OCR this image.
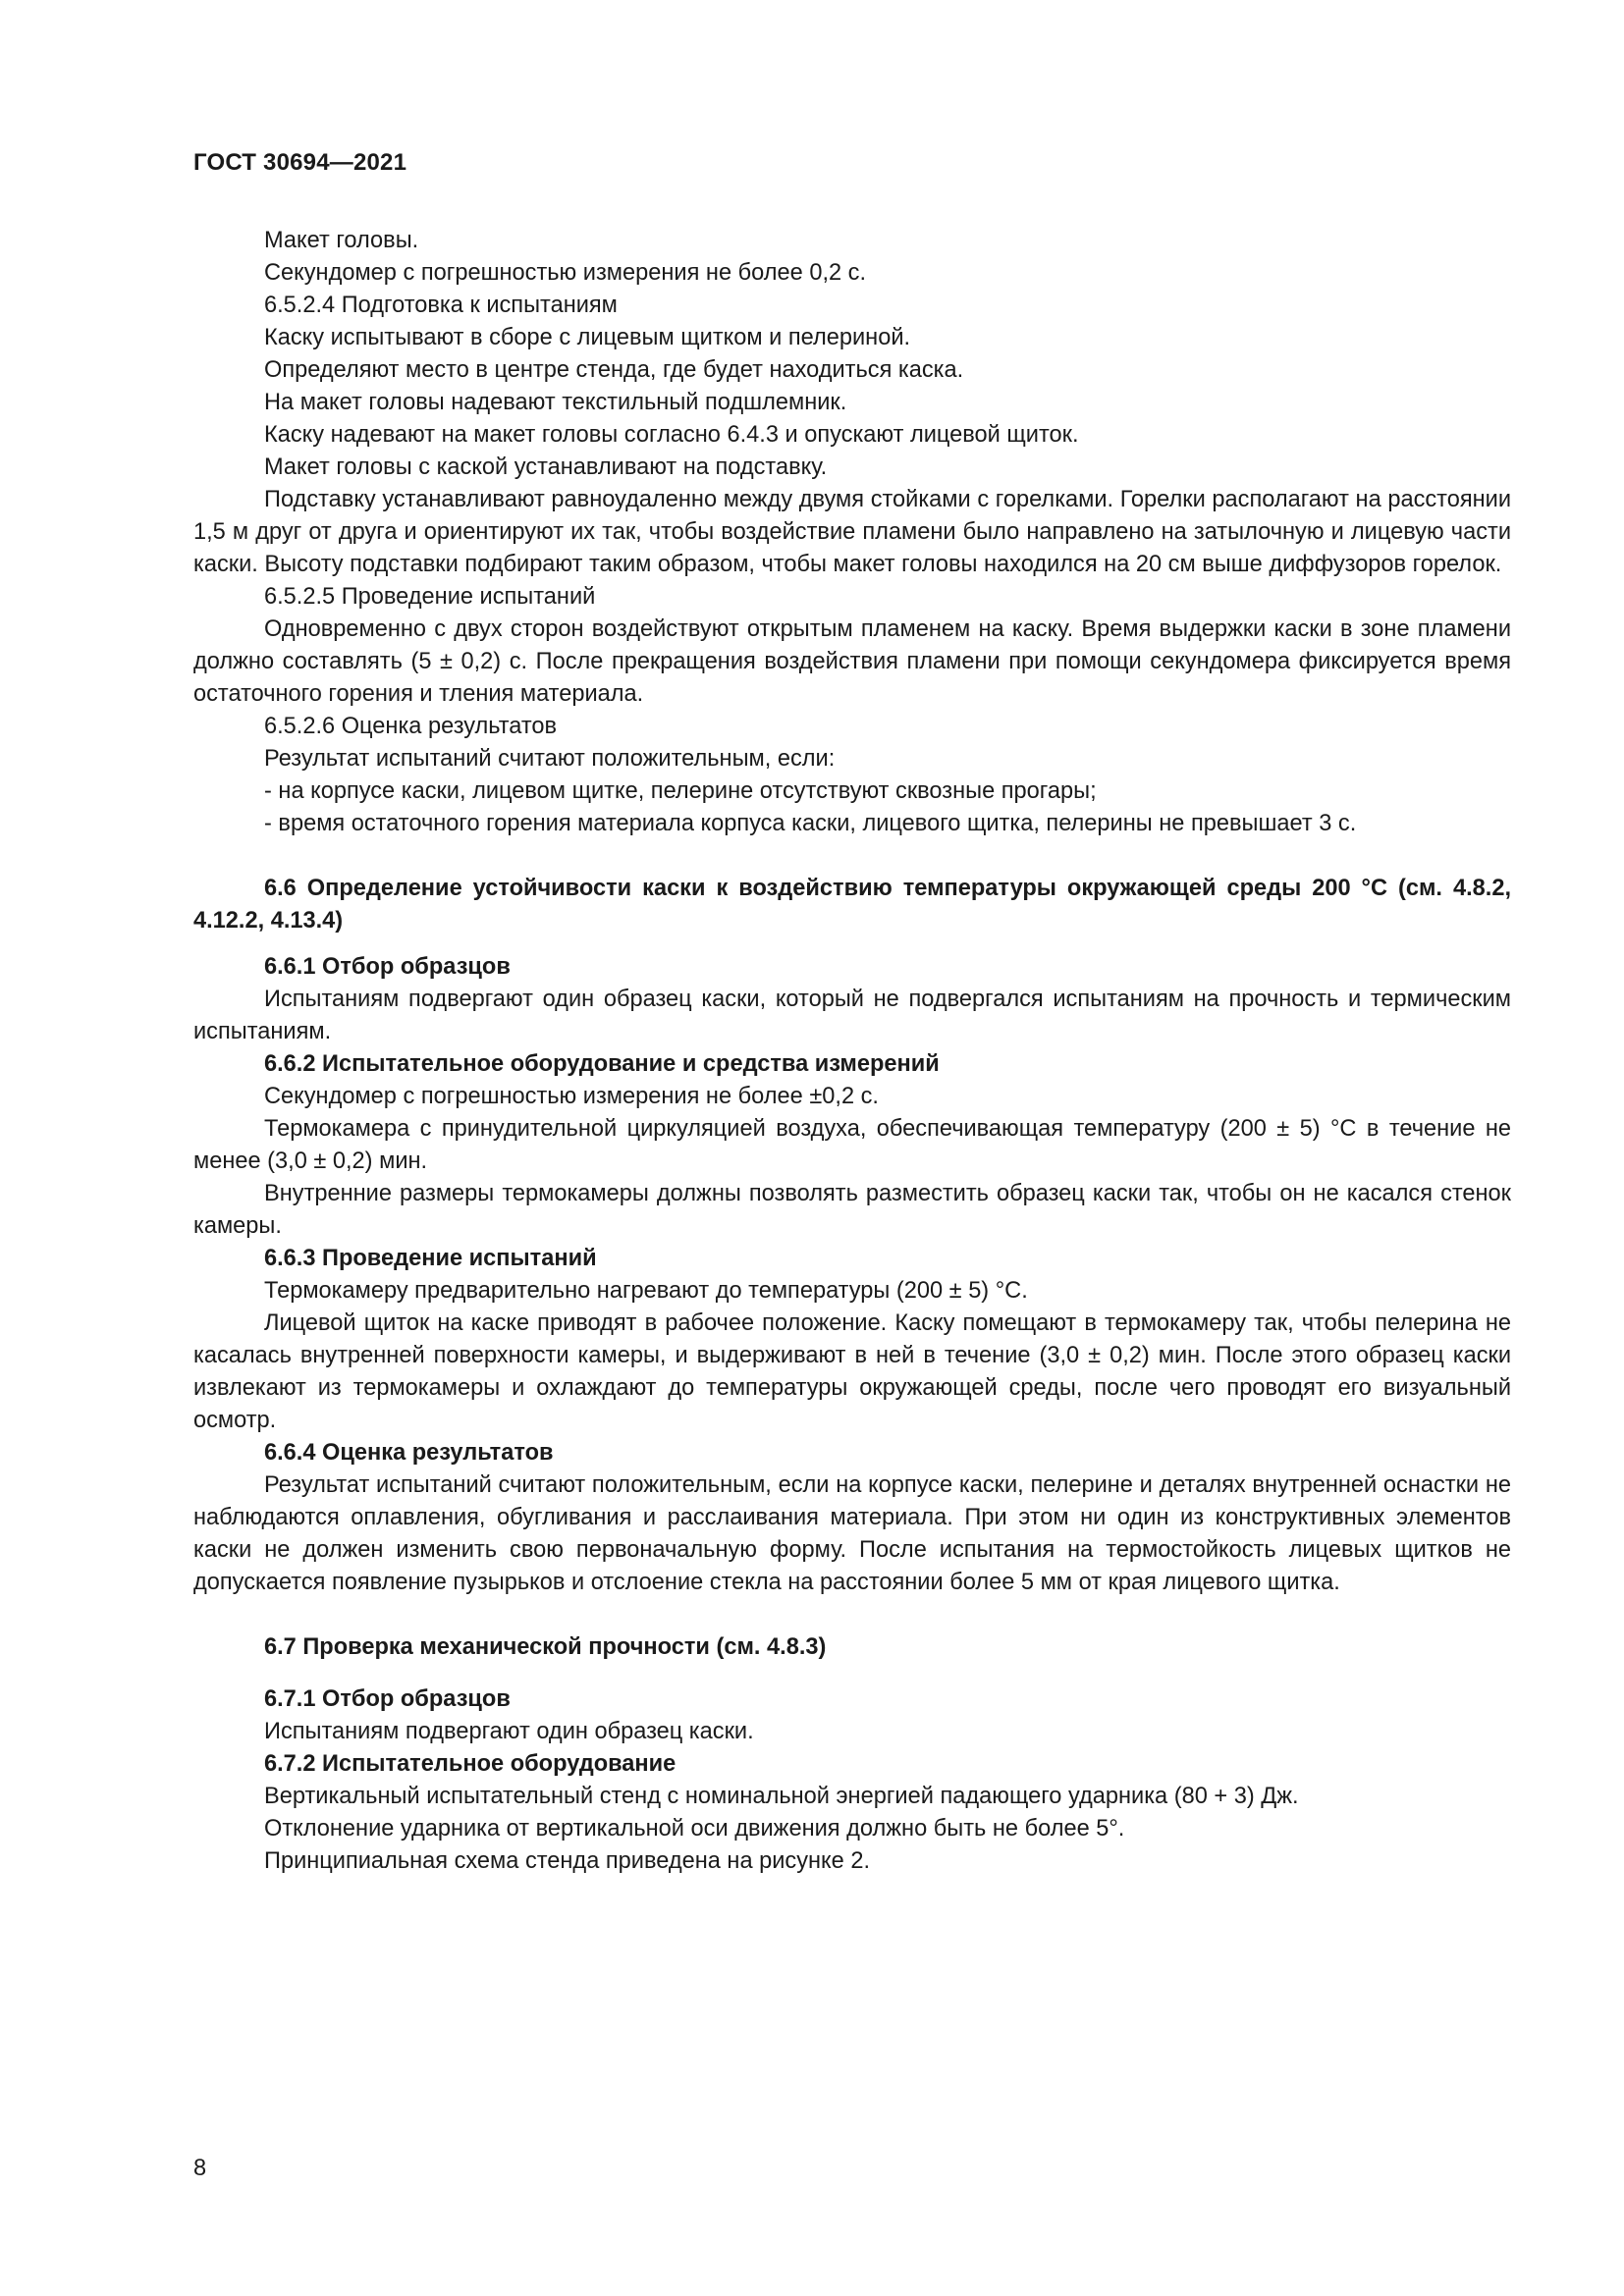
ГОСТ 30694—2021

Макет головы.

Секундомер с погрешностью измерения не более 0,2 с.

6.5.2.4 Подготовка к испытаниям

Каску испытывают в сборе с лицевым щитком и пелериной.

Определяют место в центре стенда, где будет находиться каска.

На макет головы надевают текстильный подшлемник.

Каску надевают на макет головы согласно 6.4.3 и опускают лицевой щиток.

Макет головы с каской устанавливают на подставку.

Подставку устанавливают равноудаленно между двумя стойками с горелками. Горелки располагают на расстоянии 1,5 м друг от друга и ориентируют их так, чтобы воздействие пламени было направлено на затылочную и лицевую части каски. Высоту подставки подбирают таким образом, чтобы макет головы находился на 20 см выше диффузоров горелок.

6.5.2.5 Проведение испытаний

Одновременно с двух сторон воздействуют открытым пламенем на каску. Время выдержки каски в зоне пламени должно составлять (5 ± 0,2) с. После прекращения воздействия пламени при помощи секундомера фиксируется время остаточного горения и тления материала.

6.5.2.6 Оценка результатов

Результат испытаний считают положительным, если:

- на корпусе каски, лицевом щитке, пелерине отсутствуют сквозные прогары;

- время остаточного горения материала корпуса каски, лицевого щитка, пелерины не превышает 3 с.

6.6 Определение устойчивости каски к воздействию температуры окружающей среды 200 °С (см. 4.8.2, 4.12.2, 4.13.4)

6.6.1 Отбор образцов

Испытаниям подвергают один образец каски, который не подвергался испытаниям на прочность и термическим испытаниям.

6.6.2 Испытательное оборудование и средства измерений

Секундомер с погрешностью измерения не более ±0,2 с.

Термокамера с принудительной циркуляцией воздуха, обеспечивающая температуру (200 ± 5) °С в течение не менее (3,0 ± 0,2) мин.

Внутренние размеры термокамеры должны позволять разместить образец каски так, чтобы он не касался стенок камеры.

6.6.3 Проведение испытаний

Термокамеру предварительно нагревают до температуры (200 ± 5) °С.

Лицевой щиток на каске приводят в рабочее положение. Каску помещают в термокамеру так, чтобы пелерина не касалась внутренней поверхности камеры, и выдерживают в ней в течение (3,0 ± 0,2) мин. После этого образец каски извлекают из термокамеры и охлаждают до температуры окружающей среды, после чего проводят его визуальный осмотр.

6.6.4 Оценка результатов

Результат испытаний считают положительным, если на корпусе каски, пелерине и деталях внутренней оснастки не наблюдаются оплавления, обугливания и расслаивания материала. При этом ни один из конструктивных элементов каски не должен изменить свою первоначальную форму. После испытания на термостойкость лицевых щитков не допускается появление пузырьков и отслоение стекла на расстоянии более 5 мм от края лицевого щитка.

6.7 Проверка механической прочности (см. 4.8.3)

6.7.1 Отбор образцов

Испытаниям подвергают один образец каски.

6.7.2 Испытательное оборудование

Вертикальный испытательный стенд с номинальной энергией падающего ударника (80 + 3) Дж.

Отклонение ударника от вертикальной оси движения должно быть не более 5°.

Принципиальная схема стенда приведена на рисунке 2.

8
